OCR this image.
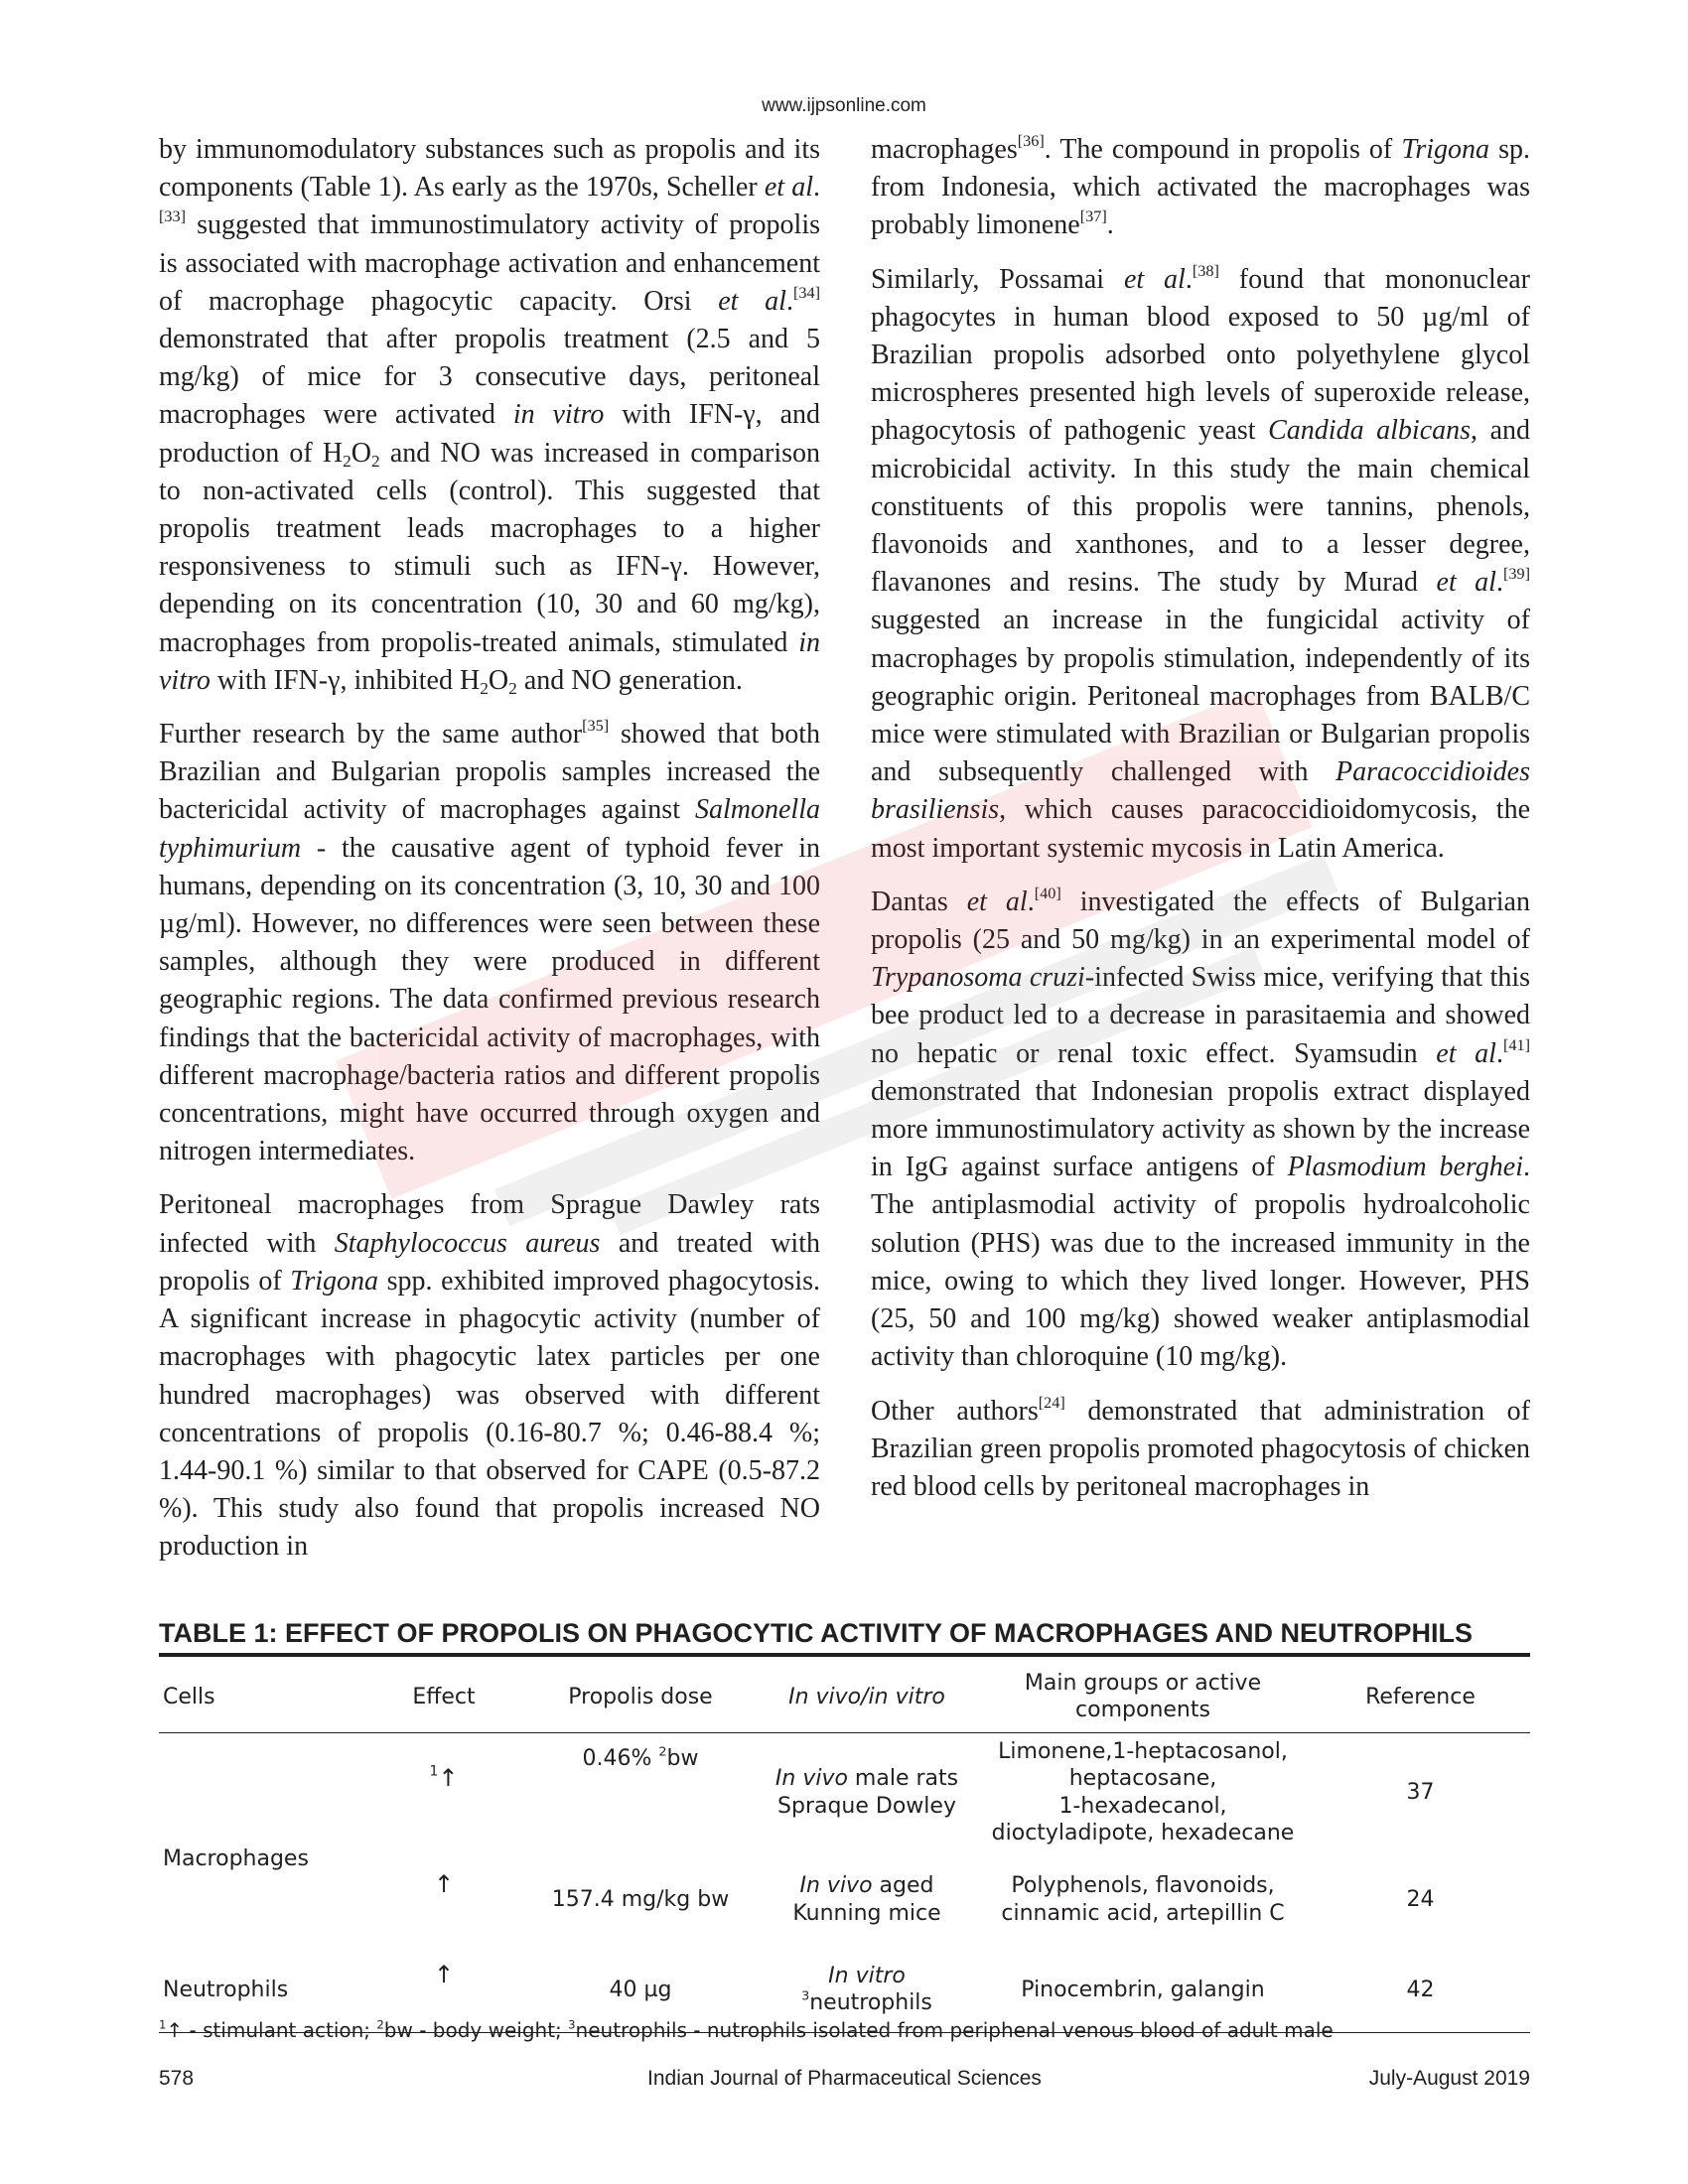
www.ijpsonline.com

by immunomodulatory substances such as propolis and its components (Table 1). As early as the 1970s, Scheller et al.[33] suggested that immunostimulatory activity of propolis is associated with macrophage activation and enhancement of macrophage phagocytic capacity. Orsi et al.[34] demonstrated that after propolis treatment (2.5 and 5 mg/kg) of mice for 3 consecutive days, peritoneal macrophages were activated in vitro with IFN-γ, and production of $H_2O_2$ and NO was increased in comparison to non-activated cells (control). This suggested that propolis treatment leads macrophages to a higher responsiveness to stimuli such as IFN-γ. However, depending on its concentration (10, 30 and 60 mg/kg), macrophages from propolis-treated animals, stimulated in vitro with IFN-γ, inhibited $H_2O_2$ and NO generation.

Further research by the same author[35] showed that both Brazilian and Bulgarian propolis samples increased the bactericidal activity of macrophages against Salmonella typhimurium - the causative agent of typhoid fever in humans, depending on its concentration (3, 10, 30 and 100 µg/ml). However, no differences were seen between these samples, although they were produced in different geographic regions. The data confirmed previous research findings that the bactericidal activity of macrophages, with different macrophage/bacteria ratios and different propolis concentrations, might have occurred through oxygen and nitrogen intermediates.

Peritoneal macrophages from Sprague Dawley rats infected with Staphylococcus aureus and treated with propolis of Trigona spp. exhibited improved phagocytosis. A significant increase in phagocytic activity (number of macrophages with phagocytic latex particles per one hundred macrophages) was observed with different concentrations of propolis (0.16-80.7 %; 0.46-88.4 %; 1.44-90.1 %) similar to that observed for CAPE (0.5-87.2 %). This study also found that propolis increased NO production in

macrophages[36]. The compound in propolis of Trigona sp. from Indonesia, which activated the macrophages was probably limonene[37].

Similarly, Possamai et al.[38] found that mononuclear phagocytes in human blood exposed to 50 µg/ml of Brazilian propolis adsorbed onto polyethylene glycol microspheres presented high levels of superoxide release, phagocytosis of pathogenic yeast Candida albicans, and microbicidal activity. In this study the main chemical constituents of this propolis were tannins, phenols, flavonoids and xanthones, and to a lesser degree, flavanones and resins. The study by Murad et al.[39] suggested an increase in the fungicidal activity of macrophages by propolis stimulation, independently of its geographic origin. Peritoneal macrophages from BALB/C mice were stimulated with Brazilian or Bulgarian propolis and subsequently challenged with Paracoccidioides brasiliensis, which causes paracoccidioidomycosis, the most important systemic mycosis in Latin America.

Dantas et al.[40] investigated the effects of Bulgarian propolis (25 and 50 mg/kg) in an experimental model of Trypanosoma cruzi-infected Swiss mice, verifying that this bee product led to a decrease in parasitaemia and showed no hepatic or renal toxic effect. Syamsudin et al.[41] demonstrated that Indonesian propolis extract displayed more immunostimulatory activity as shown by the increase in IgG against surface antigens of Plasmodium berghei. The antiplasmodial activity of propolis hydroalcoholic solution (PHS) was due to the increased immunity in the mice, owing to which they lived longer. However, PHS (25, 50 and 100 mg/kg) showed weaker antiplasmodial activity than chloroquine (10 mg/kg).

Other authors[24] demonstrated that administration of Brazilian green propolis promoted phagocytosis of chicken red blood cells by peritoneal macrophages in

TABLE 1: EFFECT OF PROPOLIS ON PHAGOCYTIC ACTIVITY OF MACROPHAGES AND NEUTROPHILS
Cells	Effect	Propolis dose	In vivo/in vitro	Main groups or active
components	Reference
Macrophages	$^1$↑	0.46% $^2$bw	In vivo male rats
Spraque Dowley	Limonene,1-heptacosanol,
heptacosane,
1-hexadecanol,
dioctyladipote, hexadecane	37
	↑	157.4 mg/kg bw	In vivo aged
Kunning mice	Polyphenols, flavonoids,
cinnamic acid, artepillin C	24
Neutrophils	↑	40 µg	In vitro
$^3$neutrophils	Pinocembrin, galangin	42
$^1$↑ - stimulant action; $^2$bw - body weight; $^3$neutrophils - nutrophils isolated from periphenal venous blood of adult male
578	Indian Journal of Pharmaceutical Sciences	July-August 2019
